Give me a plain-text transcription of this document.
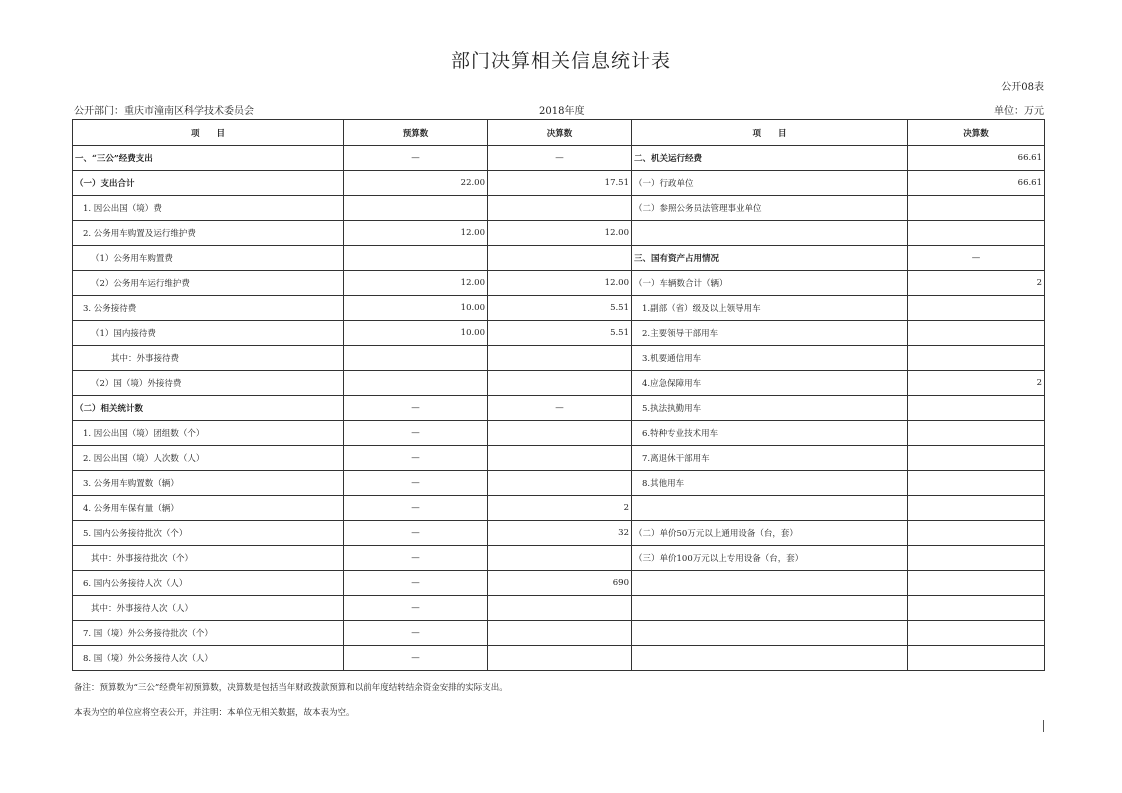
部门决算相关信息统计表
公开08表
公开部门：重庆市潼南区科学技术委员会	2018年度	单位：万元
项　　目	预算数	决算数	项　　目	决算数
一、“三公”经费支出	—	—	二、机关运行经费	66.61
（一）支出合计	22.00	17.51	（一）行政单位	66.61
1. 因公出国（境）费			（二）参照公务员法管理事业单位	
2. 公务用车购置及运行维护费	12.00	12.00		
（1）公务用车购置费			三、国有资产占用情况	—
（2）公务用车运行维护费	12.00	12.00	（一）车辆数合计（辆）	2
3. 公务接待费	10.00	5.51	1.副部（省）级及以上领导用车	
（1）国内接待费	10.00	5.51	2.主要领导干部用车	
其中：外事接待费			3.机要通信用车	
（2）国（境）外接待费			4.应急保障用车	2
（二）相关统计数	—	—	5.执法执勤用车	
1. 因公出国（境）团组数（个）	—		6.特种专业技术用车	
2. 因公出国（境）人次数（人）	—		7.离退休干部用车	
3. 公务用车购置数（辆）	—		8.其他用车	
4. 公务用车保有量（辆）	—	2		
5. 国内公务接待批次（个）	—	32	（二）单价50万元以上通用设备（台，套）	
其中：外事接待批次（个）	—		（三）单价100万元以上专用设备（台，套）	
6. 国内公务接待人次（人）	—	690		
其中：外事接待人次（人）	—			
7. 国（境）外公务接待批次（个）	—			
8. 国（境）外公务接待人次（人）	—			
备注：预算数为“三公”经费年初预算数，决算数是包括当年财政拨款预算和以前年度结转结余资金安排的实际支出。
本表为空的单位应将空表公开，并注明：本单位无相关数据，故本表为空。
